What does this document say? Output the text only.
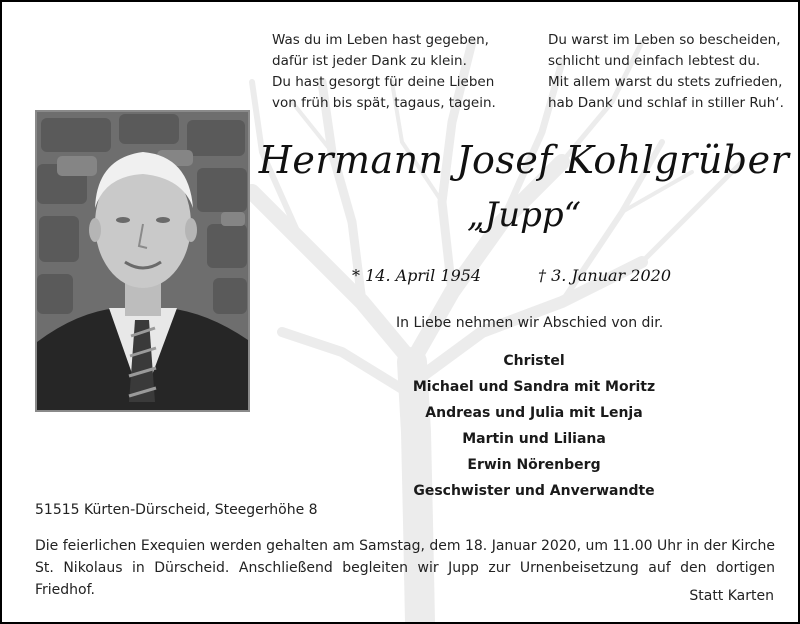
Was du im Leben hast gegeben,
dafür ist jeder Dank zu klein.
Du hast gesorgt für deine Lieben
von früh bis spät, tagaus, tagein.
Du warst im Leben so bescheiden,
schlicht und einfach lebtest du.
Mit allem warst du stets zufrieden,
hab Dank und schlaf in stiller Ruh‘.
Hermann Josef Kohlgrüber
„Jupp“
* 14. April 1954	† 3. Januar 2020
In Liebe nehmen wir Abschied von dir.
Christel
Michael und Sandra mit Moritz
Andreas und Julia mit Lenja
Martin und Liliana
Erwin Nörenberg
Geschwister und Anverwandte
51515 Kürten-Dürscheid, Steegerhöhe 8
Die feierlichen Exequien werden gehalten am Samstag, dem 18. Januar 2020, um 11.00 Uhr in der Kirche St. Nikolaus in Dürscheid. Anschließend begleiten wir Jupp zur Urnenbeisetzung auf den dortigen Friedhof.	Statt Karten
